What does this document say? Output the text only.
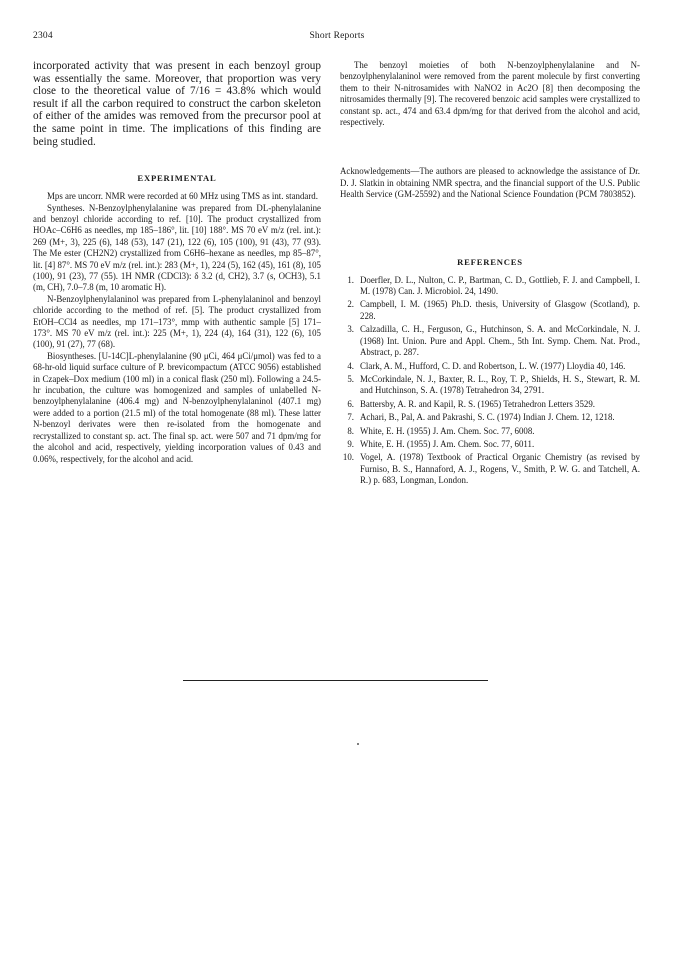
2304	Short Reports

incorporated activity that was present in each benzoyl group was essentially the same. Moreover, that proportion was very close to the theoretical value of 7/16 = 43.8% which would result if all the carbon required to construct the carbon skeleton of either of the amides was removed from the precursor pool at the same point in time. The implications of this finding are being studied.

EXPERIMENTAL

Mps are uncorr. NMR were recorded at 60 MHz using TMS as int. standard.

Syntheses. N-Benzoylphenylalanine was prepared from DL-phenylalanine and benzoyl chloride according to ref. [10]. The product crystallized from HOAc–C6H6 as needles, mp 185–186°, lit. [10] 188°. MS 70 eV m/z (rel. int.): 269 (M+, 3), 225 (6), 148 (53), 147 (21), 122 (6), 105 (100), 91 (43), 77 (93). The Me ester (CH2N2) crystallized from C6H6–hexane as needles, mp 85–87°, lit. [4] 87°. MS 70 eV m/z (rel. int.): 283 (M+, 1), 224 (5), 162 (45), 161 (8), 105 (100), 91 (23), 77 (55). 1H NMR (CDCl3): δ 3.2 (d, CH2), 3.7 (s, OCH3), 5.1 (m, CH), 7.0–7.8 (m, 10 aromatic H).

N-Benzoylphenylalaninol was prepared from L-phenylalaninol and benzoyl chloride according to the method of ref. [5]. The product crystallized from EtOH–CCl4 as needles, mp 171–173°, mmp with authentic sample [5] 171–173°. MS 70 eV m/z (rel. int.): 225 (M+, 1), 224 (4), 164 (31), 122 (6), 105 (100), 91 (27), 77 (68).

Biosyntheses. [U-14C]L-phenylalanine (90 μCi, 464 μCi/μmol) was fed to a 68-hr-old liquid surface culture of P. brevicompactum (ATCC 9056) established in Czapek–Dox medium (100 ml) in a conical flask (250 ml). Following a 24.5-hr incubation, the culture was homogenized and samples of unlabelled N-benzoylphenylalanine (406.4 mg) and N-benzoylphenylalaninol (407.1 mg) were added to a portion (21.5 ml) of the total homogenate (88 ml). These latter N-benzoyl derivates were then re-isolated from the homogenate and recrystallized to constant sp. act. The final sp. act. were 507 and 71 dpm/mg for the alcohol and acid, respectively, yielding incorporation values of 0.43 and 0.06%, respectively, for the alcohol and acid.

The benzoyl moieties of both N-benzoylphenylalanine and N-benzoylphenylalaninol were removed from the parent molecule by first converting them to their N-nitrosamides with NaNO2 in Ac2O [8] then decomposing the nitrosamides thermally [9]. The recovered benzoic acid samples were crystallized to constant sp. act., 474 and 63.4 dpm/mg for that derived from the alcohol and acid, respectively.

Acknowledgements—The authors are pleased to acknowledge the assistance of Dr. D. J. Slatkin in obtaining NMR spectra, and the financial support of the U.S. Public Health Service (GM-25592) and the National Science Foundation (PCM 7803852).

REFERENCES
1. Doerfler, D. L., Nulton, C. P., Bartman, C. D., Gottlieb, F. J. and Campbell, I. M. (1978) Can. J. Microbiol. 24, 1490.
2. Campbell, I. M. (1965) Ph.D. thesis, University of Glasgow (Scotland), p. 228.
3. Calzadilla, C. H., Ferguson, G., Hutchinson, S. A. and McCorkindale, N. J. (1968) Int. Union. Pure and Appl. Chem., 5th Int. Symp. Chem. Nat. Prod., Abstract, p. 287.
4. Clark, A. M., Hufford, C. D. and Robertson, L. W. (1977) Lloydia 40, 146.
5. McCorkindale, N. J., Baxter, R. L., Roy, T. P., Shields, H. S., Stewart, R. M. and Hutchinson, S. A. (1978) Tetrahedron 34, 2791.
6. Battersby, A. R. and Kapil, R. S. (1965) Tetrahedron Letters 3529.
7. Achari, B., Pal, A. and Pakrashi, S. C. (1974) Indian J. Chem. 12, 1218.
8. White, E. H. (1955) J. Am. Chem. Soc. 77, 6008.
9. White, E. H. (1955) J. Am. Chem. Soc. 77, 6011.
10. Vogel, A. (1978) Textbook of Practical Organic Chemistry (as revised by Furniso, B. S., Hannaford, A. J., Rogens, V., Smith, P. W. G. and Tatchell, A. R.) p. 683, Longman, London.
